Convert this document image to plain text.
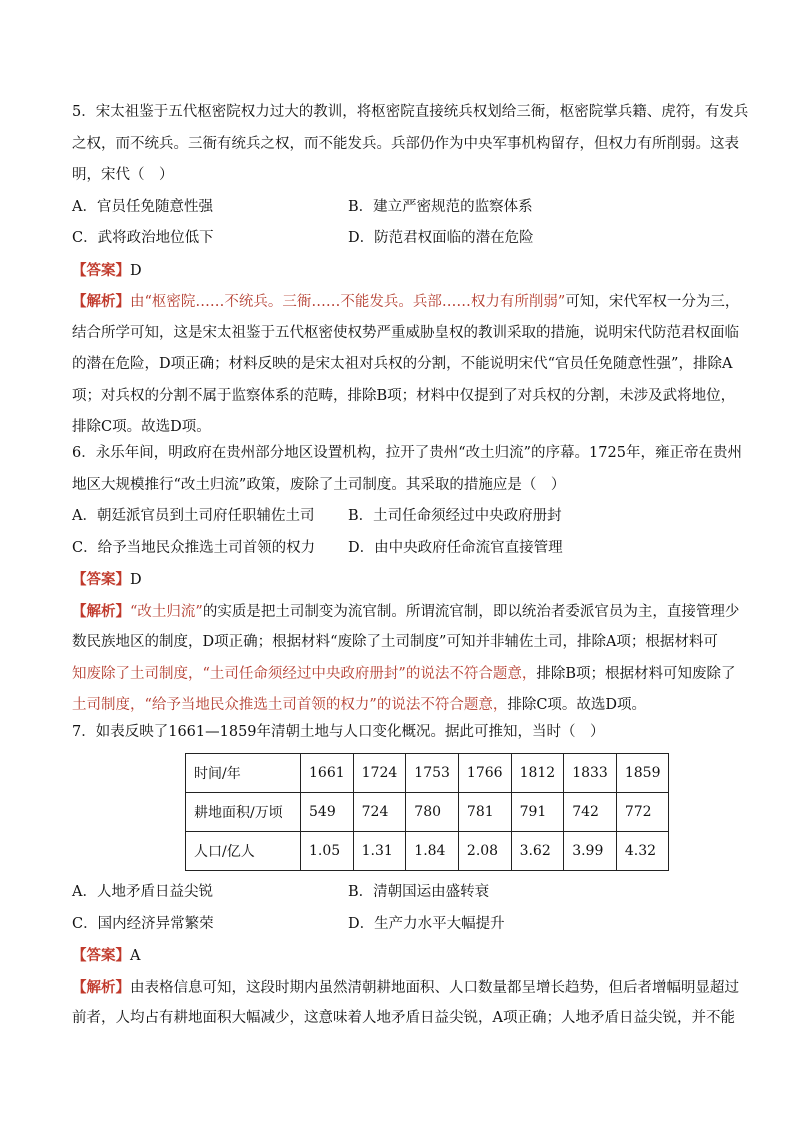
5．宋太祖鉴于五代枢密院权力过大的教训，将枢密院直接统兵权划给三衙，枢密院掌兵籍、虎符，有发兵
之权，而不统兵。三衙有统兵之权，而不能发兵。兵部仍作为中央军事机构留存，但权力有所削弱。这表
明，宋代（　）
A．官员任免随意性强	B．建立严密规范的监察体系
C．武将政治地位低下	D．防范君权面临的潜在危险
【答案】D
【解析】由“枢密院……不统兵。三衙……不能发兵。兵部……权力有所削弱”可知，宋代军权一分为三，
结合所学可知，这是宋太祖鉴于五代枢密使权势严重威胁皇权的教训采取的措施，说明宋代防范君权面临
的潜在危险，D项正确；材料反映的是宋太祖对兵权的分割，不能说明宋代“官员任免随意性强”，排除A
项；对兵权的分割不属于监察体系的范畴，排除B项；材料中仅提到了对兵权的分割，未涉及武将地位，
排除C项。故选D项。
6．永乐年间，明政府在贵州部分地区设置机构，拉开了贵州“改土归流”的序幕。1725年，雍正帝在贵州
地区大规模推行“改土归流”政策，废除了土司制度。其采取的措施应是（　）
A．朝廷派官员到土司府任职辅佐土司 B．土司任命须经过中央政府册封
C．给予当地民众推选土司首领的权力 D．由中央政府任命流官直接管理
【答案】D
【解析】“改土归流”的实质是把土司制变为流官制。所谓流官制，即以统治者委派官员为主，直接管理少
数民族地区的制度，D项正确；根据材料“废除了土司制度”可知并非辅佐土司，排除A项；根据材料可
知废除了土司制度，“土司任命须经过中央政府册封”的说法不符合题意，排除B项；根据材料可知废除了
土司制度，“给予当地民众推选土司首领的权力”的说法不符合题意，排除C项。故选D项。
7．如表反映了1661—1859年清朝土地与人口变化概况。据此可推知，当时（　）
时间/年	1661	1724	1753	1766	1812	1833	1859
耕地面积/万顷	549	724	780	781	791	742	772
人口/亿人	1.05	1.31	1.84	2.08	3.62	3.99	4.32
A．人地矛盾日益尖锐	B．清朝国运由盛转衰
C．国内经济异常繁荣	D．生产力水平大幅提升
【答案】A
【解析】由表格信息可知，这段时期内虽然清朝耕地面积、人口数量都呈增长趋势，但后者增幅明显超过
前者，人均占有耕地面积大幅减少，这意味着人地矛盾日益尖锐，A项正确；人地矛盾日益尖锐，并不能
